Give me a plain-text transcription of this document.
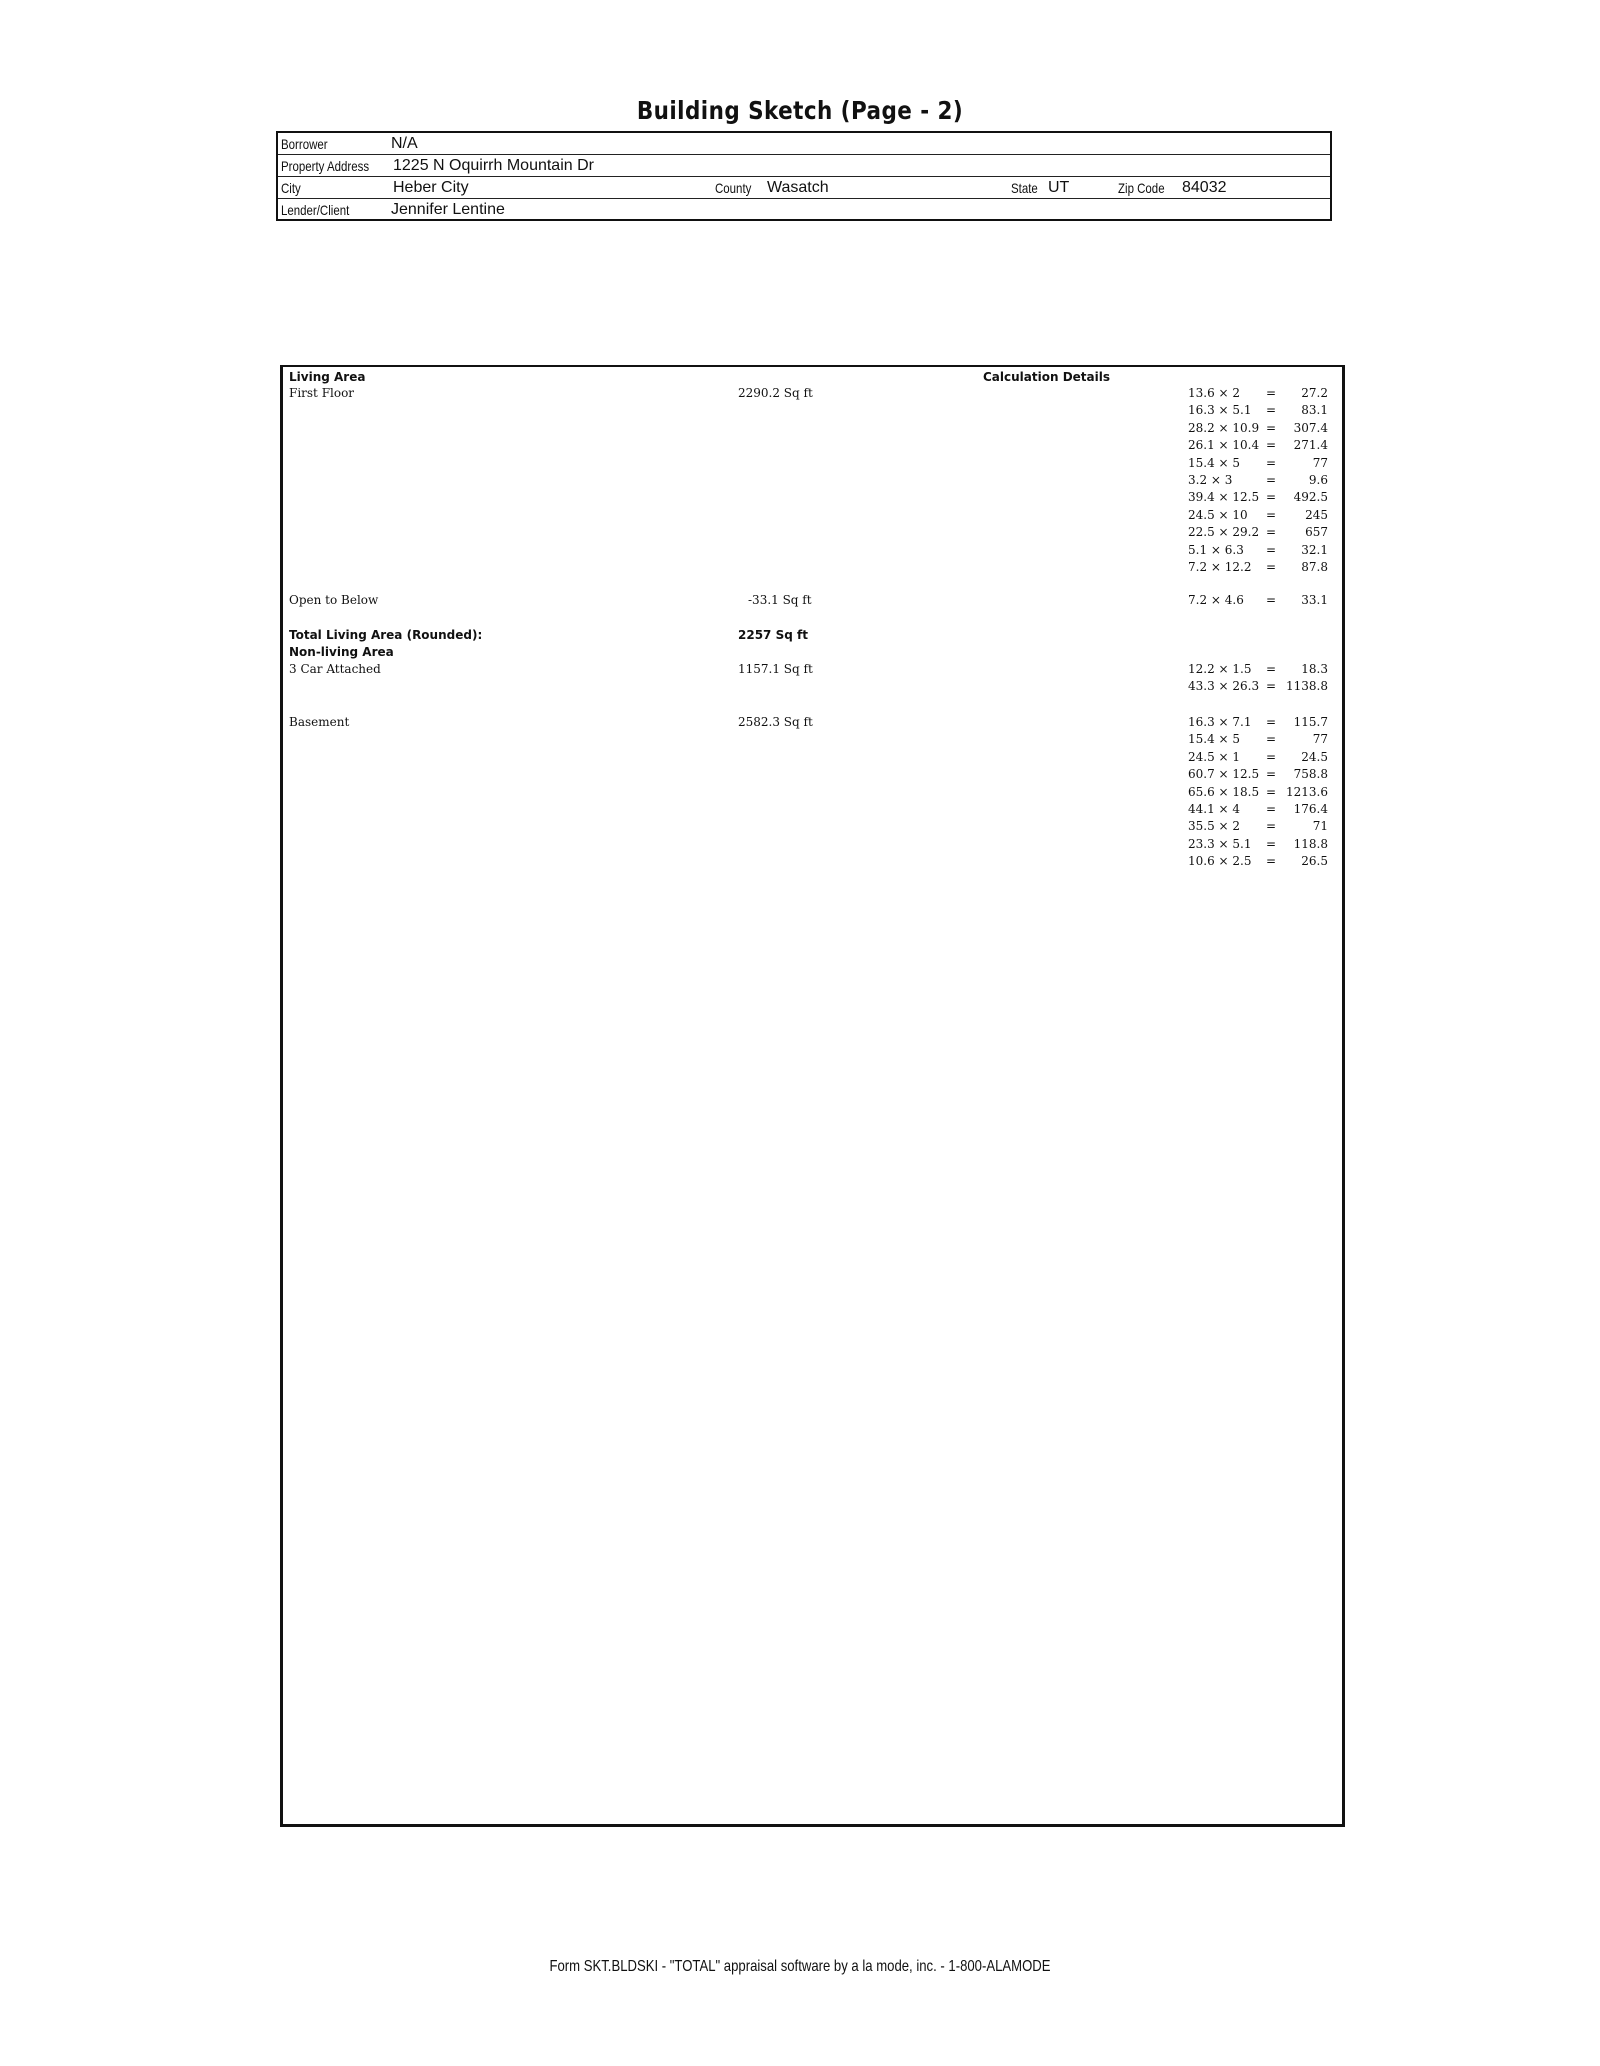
Building Sketch (Page - 2)
Borrower	N/A
Property Address 1225 N Oquirrh Mountain Dr
City	Heber City	County Wasatch	State UT	Zip Code 84032
Lender/Client	Jennifer Lentine
Living Area	Calculation Details
First Floor	2290.2 Sq ft	13.6 × 2 = 27.2
16.3 × 5.1 = 83.1
28.2 × 10.9 = 307.4
26.1 × 10.4 = 271.4
15.4 × 5 =	77
3.2 × 3	=	9.6
39.4 × 12.5 = 492.5
24.5 × 10 = 245
22.5 × 29.2 = 657
5.1 × 6.3 = 32.1
7.2 × 12.2 = 87.8
Open to Below	-33.1 Sq ft	7.2 × 4.6 = 33.1
Total Living Area (Rounded):	2257 Sq ft
Non-living Area
3 Car Attached	1157.1 Sq ft	12.2 × 1.5 = 18.3
43.3 × 26.3 = 1138.8
Basement	2582.3 Sq ft	16.3 × 7.1 = 115.7
15.4 × 5 =	77
24.5 × 1 = 24.5
60.7 × 12.5 = 758.8
65.6 × 18.5 = 1213.6
44.1 × 4 = 176.4
35.5 × 2 =	71
23.3 × 5.1 = 118.8
10.6 × 2.5 = 26.5
Form SKT.BLDSKI - "TOTAL" appraisal software by a la mode, inc. - 1-800-ALAMODE
